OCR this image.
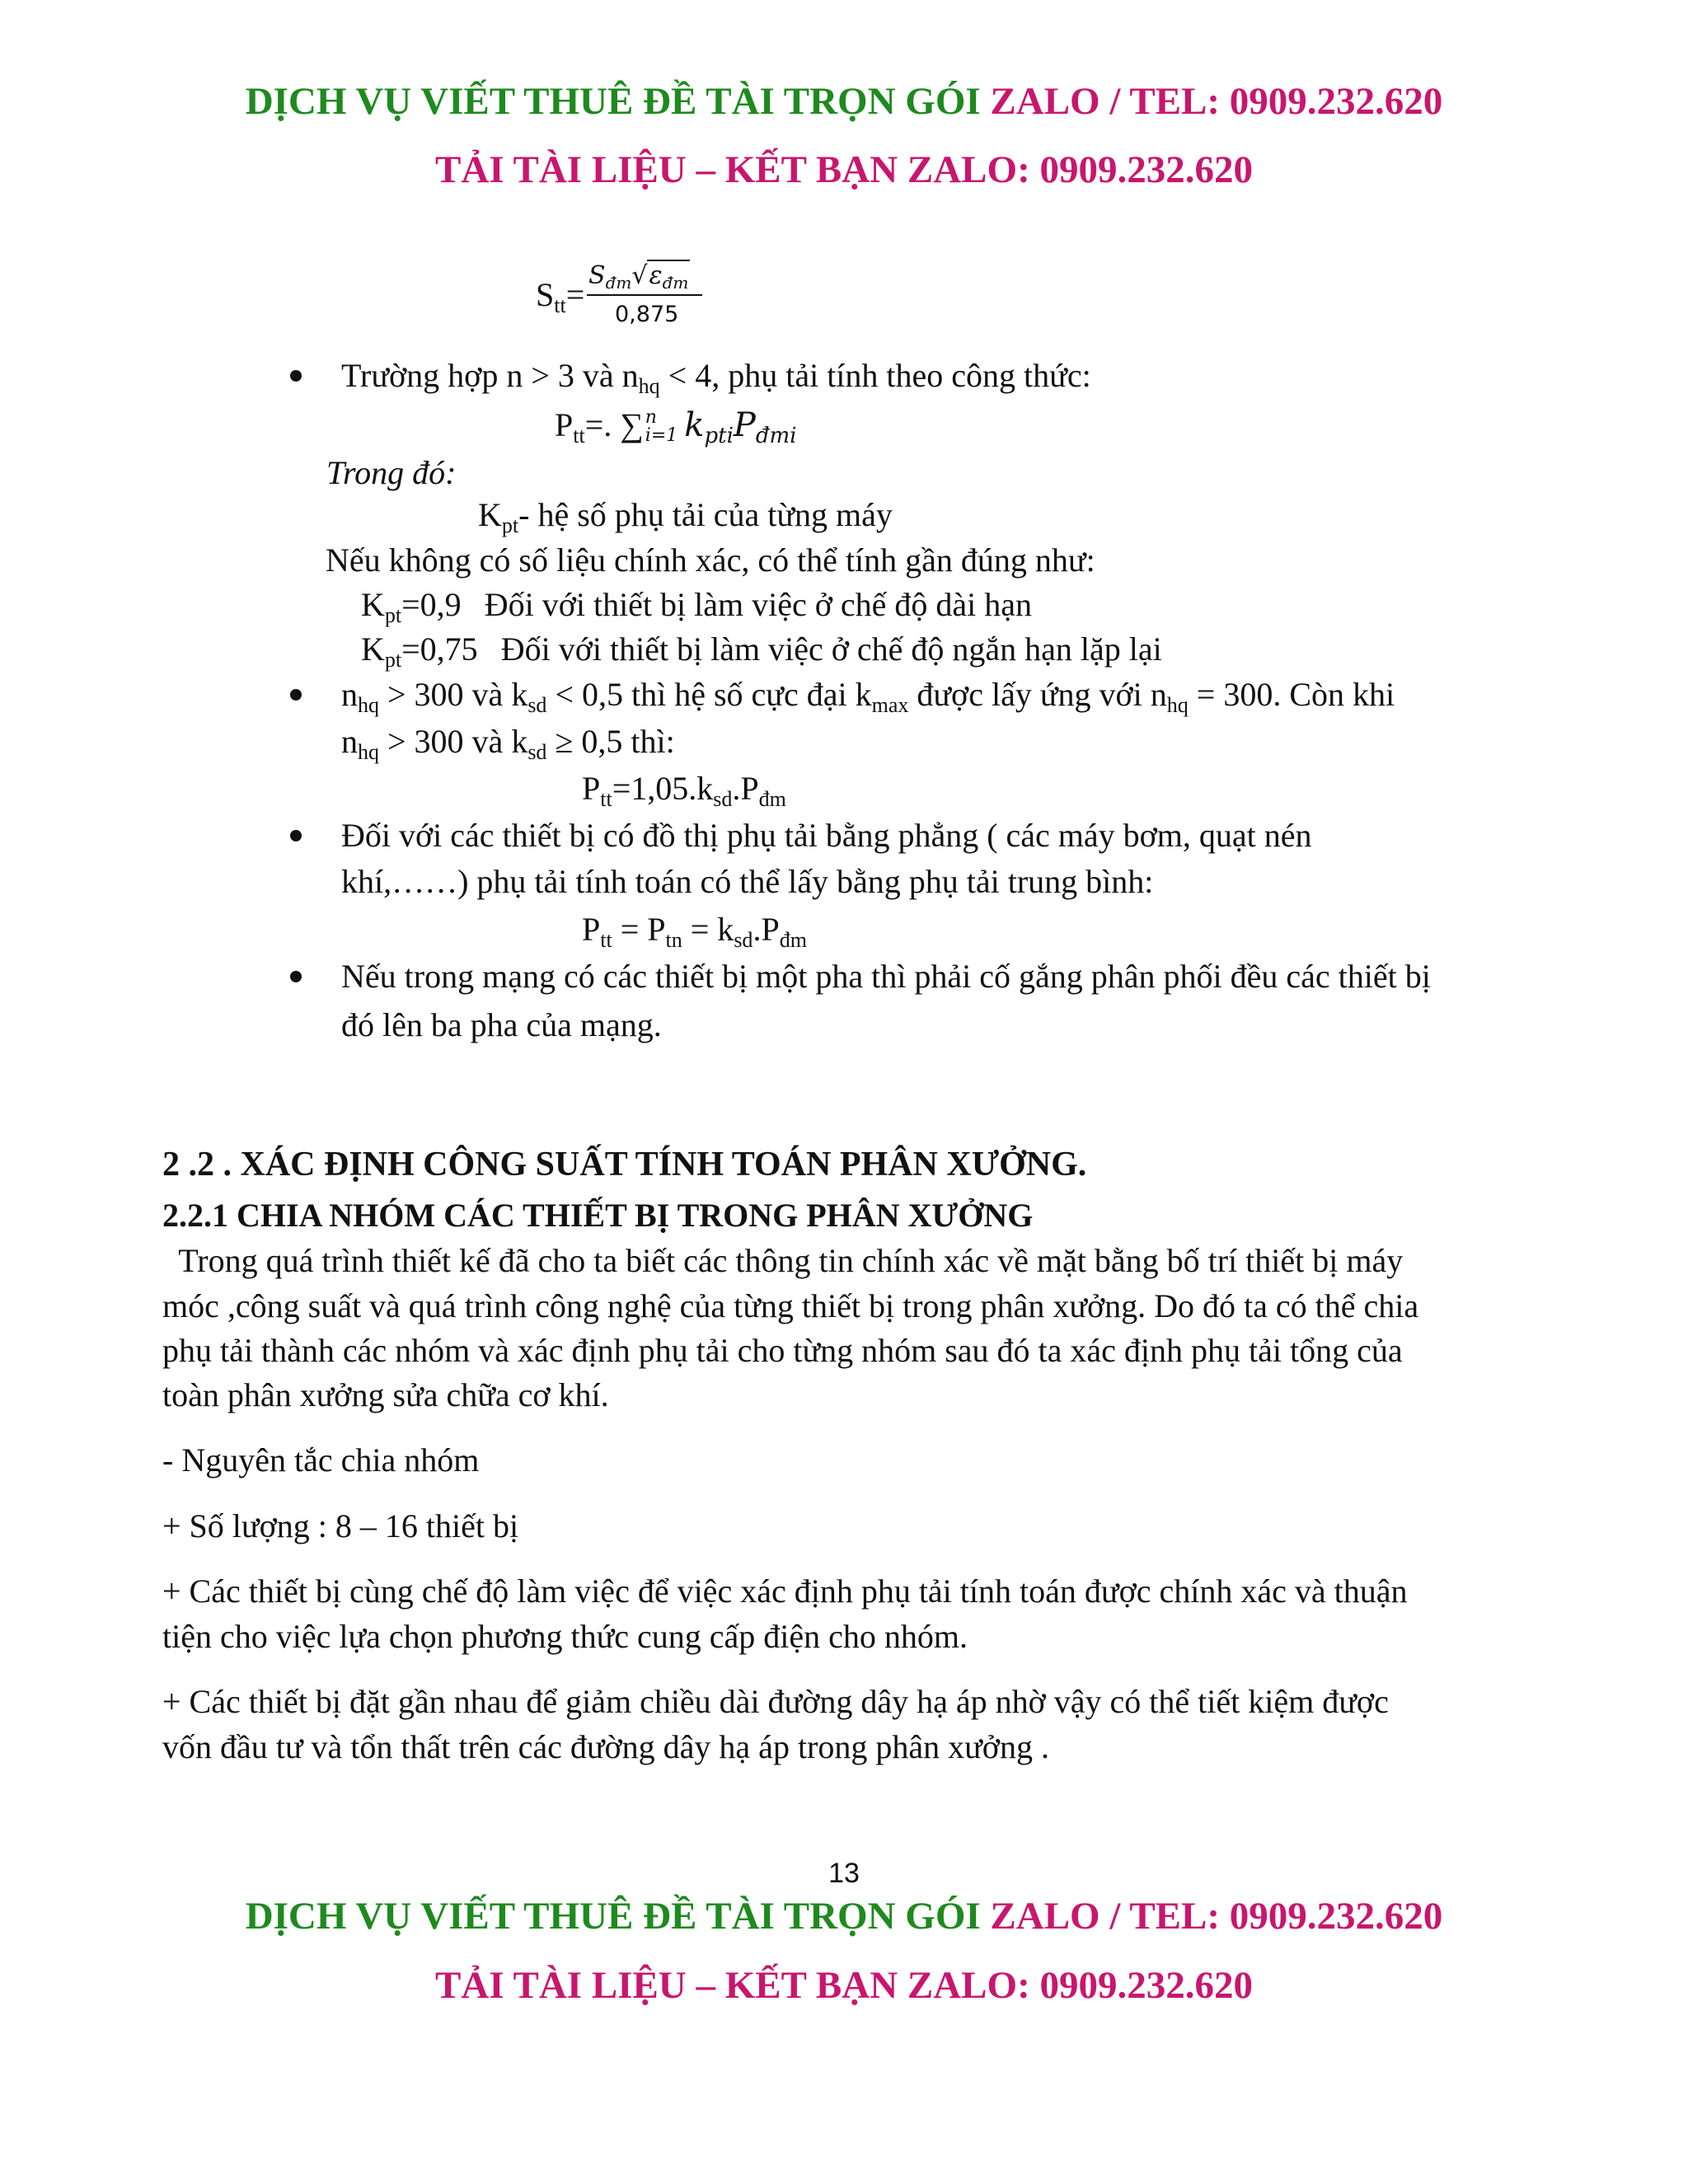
DỊCH VỤ VIẾT THUÊ ĐỀ TÀI TRỌN GÓI ZALO / TEL: 0909.232.620
TẢI TÀI LIỆU – KẾT BẠN ZALO: 0909.232.620
$S_{tt}=$
$S_{đm}√\varepsilon_{đm}$
0,875
Trường hợp n > 3 và $n_{hq} < 4$, phụ tải tính theo công thức:
$P_{tt}=$. ∑ n
i=1 $k_{pti}P_{đmi}$
Trong đó:
$K_{pt}-$ hệ số phụ tải của từng máy
Nếu không có số liệu chính xác, có thể tính gần đúng như:
$K_{pt}=0,9$ Đối với thiết bị làm việc ở chế độ dài hạn
$K_{pt}=0,75$ Đối với thiết bị làm việc ở chế độ ngắn hạn lặp lại
$n_{hq} > 300$ và $k_{sd} < 0,5$ thì hệ số cực đại $k_{max}$ được lấy ứng với $n_{hq} = 300$. Còn khi
$n_{hq} > 300$ và $k_{sd} \ge 0,5$ thì:
$P_{tt}=1,05.k_{sd}.P_{đm}$
Đối với các thiết bị có đồ thị phụ tải bằng phẳng ( các máy bơm, quạt nén
khí,……) phụ tải tính toán có thể lấy bằng phụ tải trung bình:
$P_{tt} = P_{tn} = k_{sd}.P_{đm}$
Nếu trong mạng có các thiết bị một pha thì phải cố gắng phân phối đều các thiết bị
đó lên ba pha của mạng.
2 .2 . XÁC ĐỊNH CÔNG SUẤT TÍNH TOÁN PHÂN XƯỞNG.
2.2.1 CHIA NHÓM CÁC THIẾT BỊ TRONG PHÂN XƯỞNG
Trong quá trình thiết kế đã cho ta biết các thông tin chính xác về mặt bằng bố trí thiết bị máy
móc ,công suất và quá trình công nghệ của từng thiết bị trong phân xưởng. Do đó ta có thể chia
phụ tải thành các nhóm và xác định phụ tải cho từng nhóm sau đó ta xác định phụ tải tổng của
toàn phân xưởng sửa chữa cơ khí.
- Nguyên tắc chia nhóm
+ Số lượng : 8 – 16 thiết bị
+ Các thiết bị cùng chế độ làm việc để việc xác định phụ tải tính toán được chính xác và thuận
tiện cho việc lựa chọn phương thức cung cấp điện cho nhóm.
+ Các thiết bị đặt gần nhau để giảm chiều dài đường dây hạ áp nhờ vậy có thể tiết kiệm được
vốn đầu tư và tổn thất trên các đường dây hạ áp trong phân xưởng .
13
DỊCH VỤ VIẾT THUÊ ĐỀ TÀI TRỌN GÓI ZALO / TEL: 0909.232.620
TẢI TÀI LIỆU – KẾT BẠN ZALO: 0909.232.620
